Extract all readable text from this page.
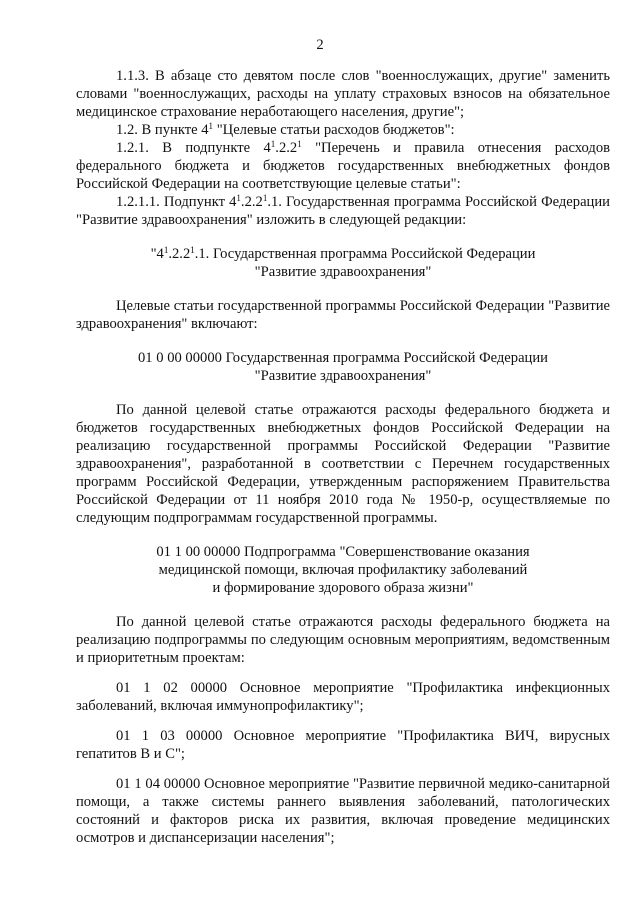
2

1.1.3. В абзаце сто девятом после слов "военнослужащих, другие" заменить словами "военнослужащих, расходы на уплату страховых взносов на обязательное медицинское страхование неработающего населения, другие";

1.2. В пункте $4^1$ "Целевые статьи расходов бюджетов":

1.2.1. В подпункте $4^1.2.2^1$ "Перечень и правила отнесения расходов федерального бюджета и бюджетов государственных внебюджетных фондов Российской Федерации на соответствующие целевые статьи":

1.2.1.1. Подпункт $4^1.2.2^1.1$. Государственная программа Российской Федерации "Развитие здравоохранения" изложить в следующей редакции:

"$4^1.2.2^1.1$. Государственная программа Российской Федерации

"Развитие здравоохранения"

Целевые статьи государственной программы Российской Федерации "Развитие здравоохранения" включают:

01 0 00 00000 Государственная программа Российской Федерации

"Развитие здравоохранения"

По данной целевой статье отражаются расходы федерального бюджета и бюджетов государственных внебюджетных фондов Российской Федерации на реализацию государственной программы Российской Федерации "Развитие здравоохранения", разработанной в соответствии с Перечнем государственных программ Российской Федерации, утвержденным распоряжением Правительства Российской Федерации от 11 ноября 2010 года № 1950-р, осуществляемые по следующим подпрограммам государственной программы.

01 1 00 00000 Подпрограмма "Совершенствование оказания

медицинской помощи, включая профилактику заболеваний

и формирование здорового образа жизни"

По данной целевой статье отражаются расходы федерального бюджета на реализацию подпрограммы по следующим основным мероприятиям, ведомственным и приоритетным проектам:

01 1 02 00000 Основное мероприятие "Профилактика инфекционных заболеваний, включая иммунопрофилактику";

01 1 03 00000 Основное мероприятие "Профилактика ВИЧ, вирусных гепатитов B и C";

01 1 04 00000 Основное мероприятие "Развитие первичной медико-санитарной помощи, а также системы раннего выявления заболеваний, патологических состояний и факторов риска их развития, включая проведение медицинских осмотров и диспансеризации населения";
